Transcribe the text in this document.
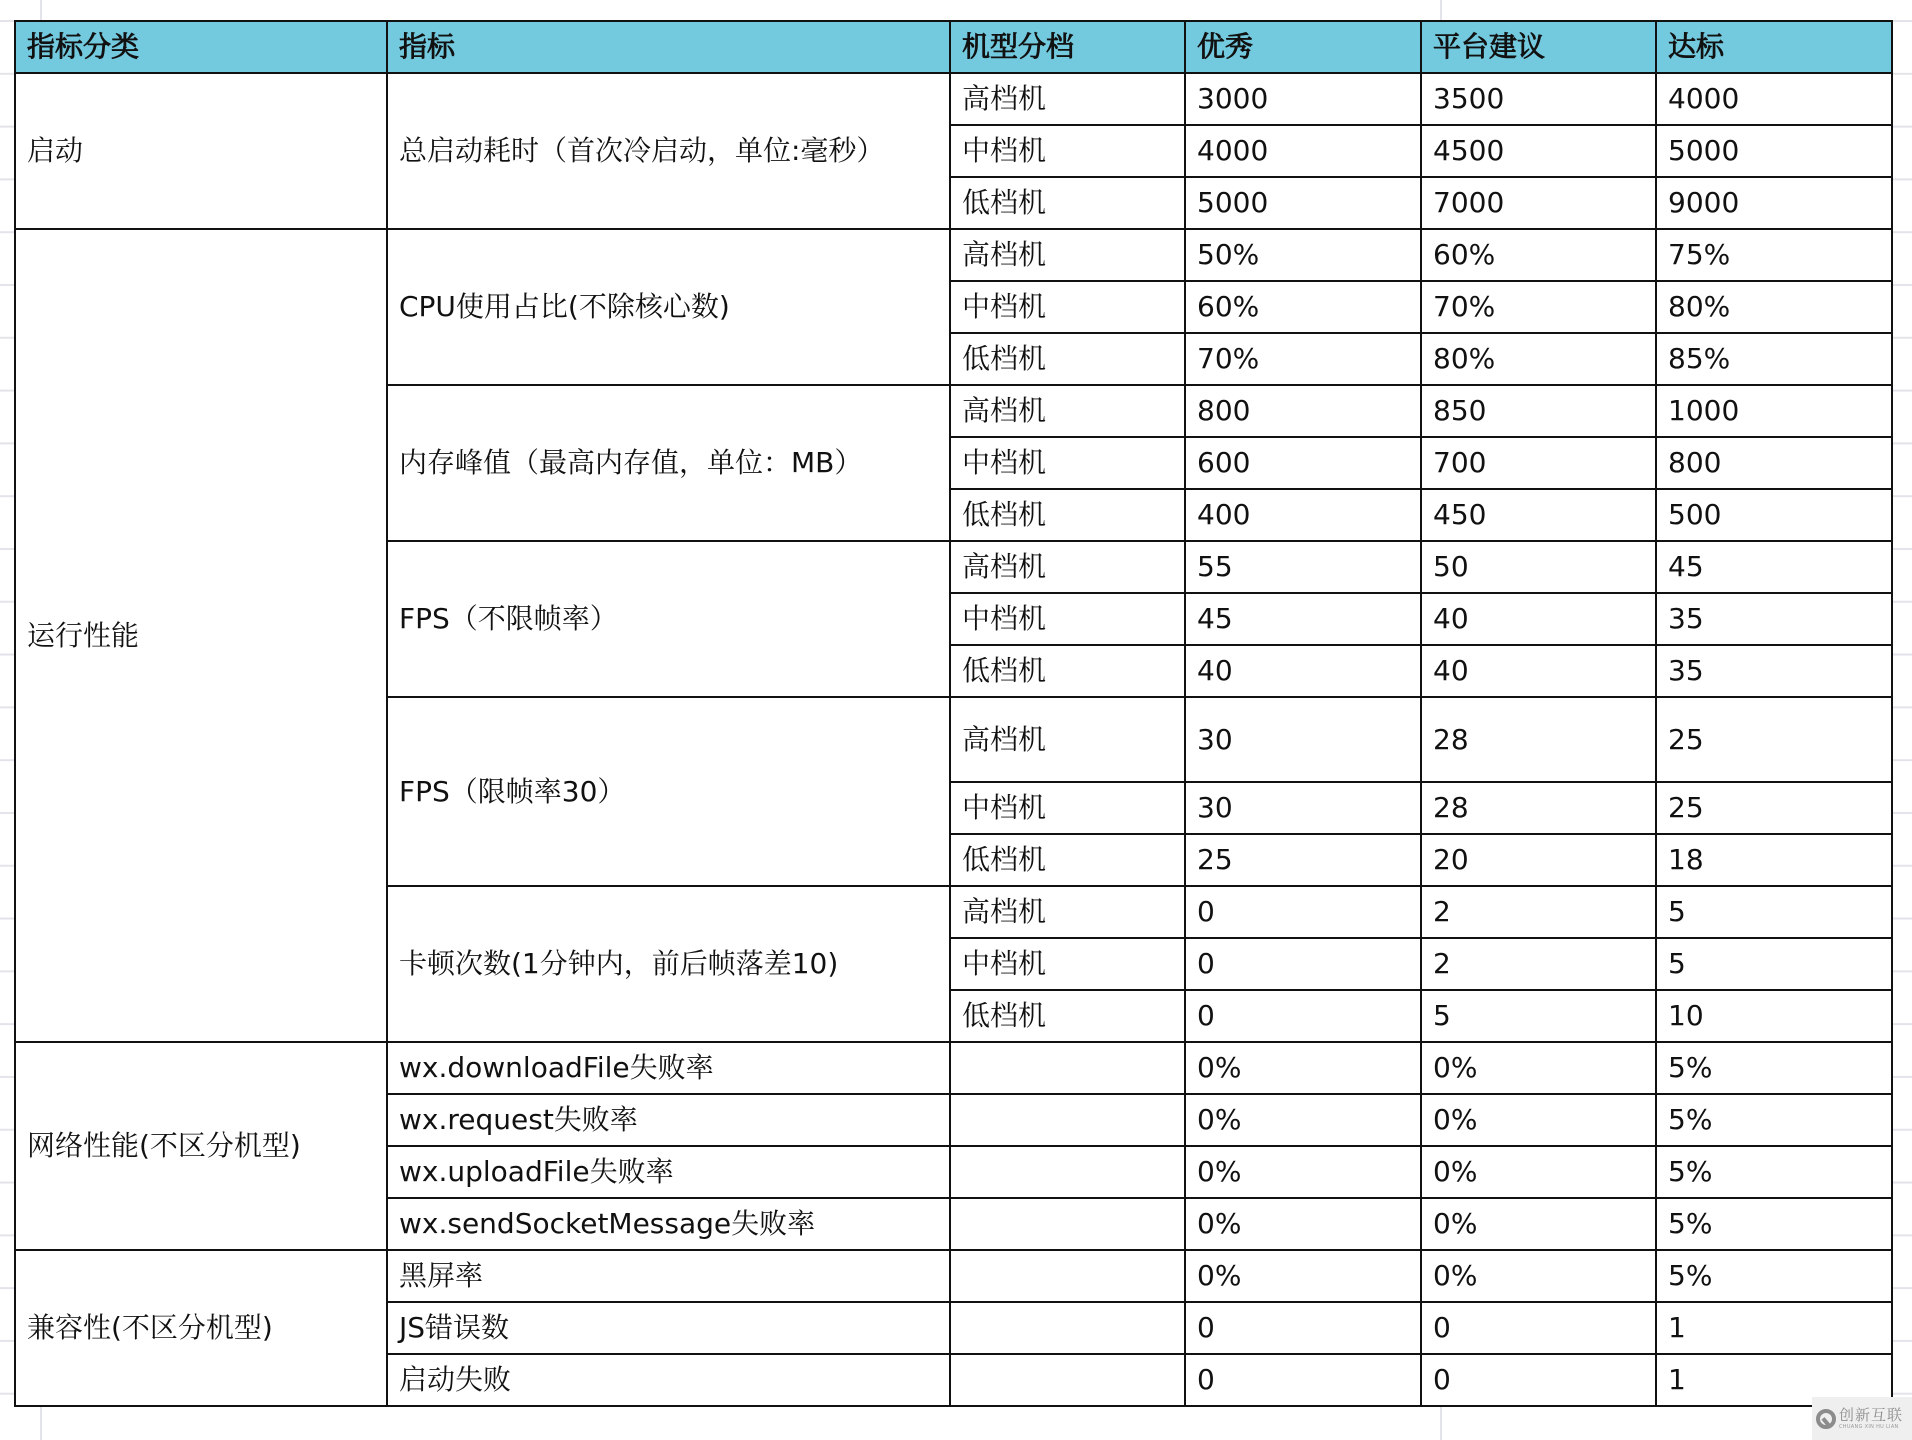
指标分类	指标	机型分档	优秀	平台建议	达标
启动	总启动耗时（首次冷启动，单位:毫秒）	高档机	3000	3500	4000
		中档机	4000	4500	5000
		低档机	5000	7000	9000
运行性能	CPU使用占比(不除核心数)	高档机	50%	60%	75%
		中档机	60%	70%	80%
		低档机	70%	80%	85%
	内存峰值（最高内存值，单位：MB）	高档机	800	850	1000
		中档机	600	700	800
		低档机	400	450	500
	FPS（不限帧率）	高档机	55	50	45
		中档机	45	40	35
		低档机	40	40	35
	FPS（限帧率30）	高档机	30	28	25
		中档机	30	28	25
		低档机	25	20	18
	卡顿次数(1分钟内，前后帧落差10)	高档机	0	2	5
		中档机	0	2	5
		低档机	0	5	10
网络性能(不区分机型)	wx.downloadFile失败率		0%	0%	5%
	wx.request失败率		0%	0%	5%
	wx.uploadFile失败率		0%	0%	5%
	wx.sendSocketMessage失败率		0%	0%	5%
兼容性(不区分机型)	黑屏率		0%	0%	5%
	JS错误数		0	0	1
	启动失败		0	0	1
创新互联
CHUANG XIN HU LIAN
